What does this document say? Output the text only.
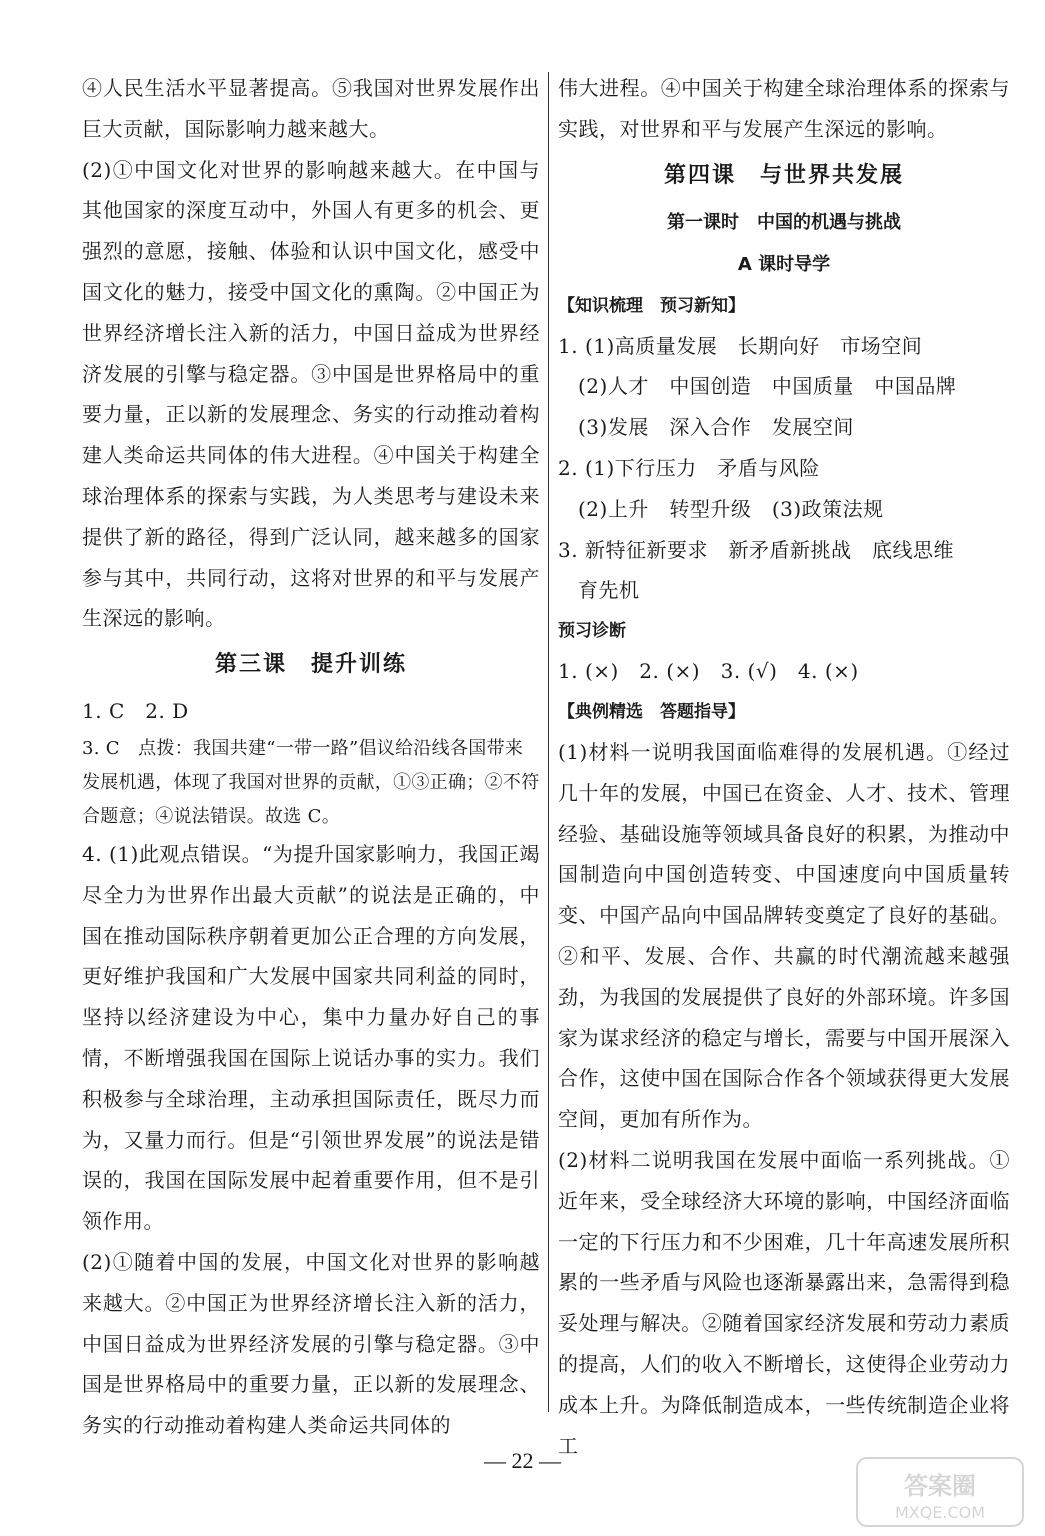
④人民生活水平显著提高。⑤我国对世界发展作出巨大贡献，国际影响力越来越大。

(2)①中国文化对世界的影响越来越大。在中国与其他国家的深度互动中，外国人有更多的机会、更强烈的意愿，接触、体验和认识中国文化，感受中国文化的魅力，接受中国文化的熏陶。②中国正为世界经济增长注入新的活力，中国日益成为世界经济发展的引擎与稳定器。③中国是世界格局中的重要力量，正以新的发展理念、务实的行动推动着构建人类命运共同体的伟大进程。④中国关于构建全球治理体系的探索与实践，为人类思考与建设未来提供了新的路径，得到广泛认同，越来越多的国家参与其中，共同行动，这将对世界的和平与发展产生深远的影响。

第三课　提升训练

1. C　2. D

3. C　点拨：我国共建“一带一路”倡议给沿线各国带来发展机遇，体现了我国对世界的贡献，①③正确；②不符合题意；④说法错误。故选 C。

4. (1)此观点错误。“为提升国家影响力，我国正竭尽全力为世界作出最大贡献”的说法是正确的，中国在推动国际秩序朝着更加公正合理的方向发展，更好维护我国和广大发展中国家共同利益的同时，坚持以经济建设为中心，集中力量办好自己的事情，不断增强我国在国际上说话办事的实力。我们积极参与全球治理，主动承担国际责任，既尽力而为，又量力而行。但是“引领世界发展”的说法是错误的，我国在国际发展中起着重要作用，但不是引领作用。

(2)①随着中国的发展，中国文化对世界的影响越来越大。②中国正为世界经济增长注入新的活力，中国日益成为世界经济发展的引擎与稳定器。③中国是世界格局中的重要力量，正以新的发展理念、务实的行动推动着构建人类命运共同体的

伟大进程。④中国关于构建全球治理体系的探索与实践，对世界和平与发展产生深远的影响。

第四课　与世界共发展

第一课时　中国的机遇与挑战

A 课时导学

【知识梳理　预习新知】

1. (1)高质量发展　长期向好　市场空间

(2)人才　中国创造　中国质量　中国品牌

(3)发展　深入合作　发展空间

2. (1)下行压力　矛盾与风险

(2)上升　转型升级　(3)政策法规

3. 新特征新要求　新矛盾新挑战　底线思维

育先机

预习诊断

1. (×)　2. (×)　3. (√)　4. (×)

【典例精选　答题指导】

(1)材料一说明我国面临难得的发展机遇。①经过几十年的发展，中国已在资金、人才、技术、管理经验、基础设施等领域具备良好的积累，为推动中国制造向中国创造转变、中国速度向中国质量转变、中国产品向中国品牌转变奠定了良好的基础。②和平、发展、合作、共赢的时代潮流越来越强劲，为我国的发展提供了良好的外部环境。许多国家为谋求经济的稳定与增长，需要与中国开展深入合作，这使中国在国际合作各个领域获得更大发展空间，更加有所作为。

(2)材料二说明我国在发展中面临一系列挑战。①近年来，受全球经济大环境的影响，中国经济面临一定的下行压力和不少困难，几十年高速发展所积累的一些矛盾与风险也逐渐暴露出来，急需得到稳妥处理与解决。②随着国家经济发展和劳动力素质的提高，人们的收入不断增长，这使得企业劳动力成本上升。为降低制造成本，一些传统制造企业将工

— 22 —
答案圈
MXQE.COM
